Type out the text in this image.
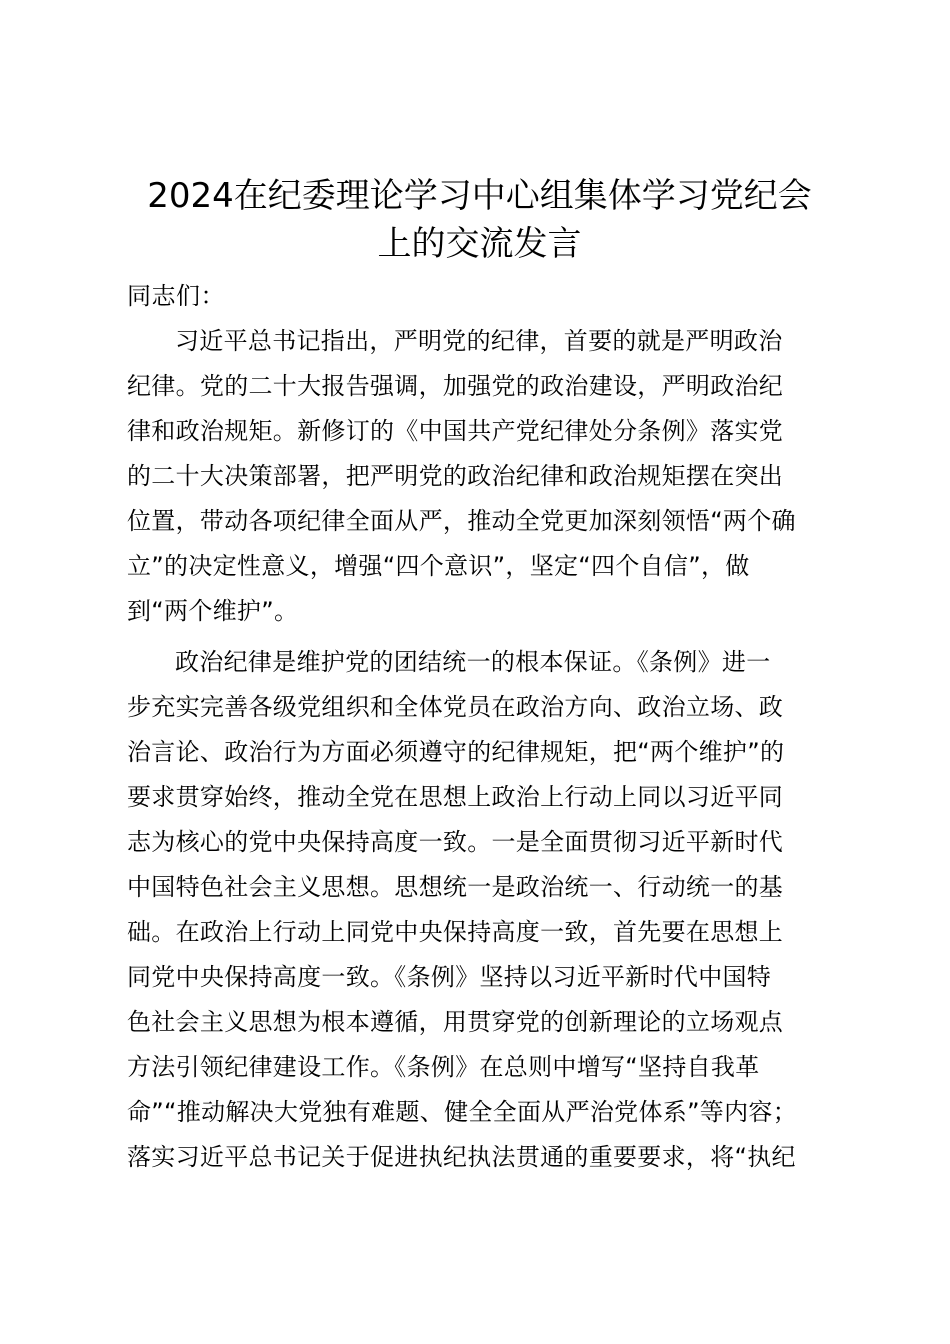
2024在纪委理论学习中心组集体学习党纪会
上的交流发言
同志们：
习近平总书记指出，严明党的纪律，首要的就是严明政治
纪律。党的二十大报告强调，加强党的政治建设，严明政治纪
律和政治规矩。新修订的《中国共产党纪律处分条例》落实党
的二十大决策部署，把严明党的政治纪律和政治规矩摆在突出
位置，带动各项纪律全面从严，推动全党更加深刻领悟“两个确
立”的决定性意义，增强“四个意识”，坚定“四个自信”，做
到“两个维护”。
政治纪律是维护党的团结统一的根本保证。《条例》进一
步充实完善各级党组织和全体党员在政治方向、政治立场、政
治言论、政治行为方面必须遵守的纪律规矩，把“两个维护”的
要求贯穿始终，推动全党在思想上政治上行动上同以习近平同
志为核心的党中央保持高度一致。一是全面贯彻习近平新时代
中国特色社会主义思想。思想统一是政治统一、行动统一的基
础。在政治上行动上同党中央保持高度一致，首先要在思想上
同党中央保持高度一致。《条例》坚持以习近平新时代中国特
色社会主义思想为根本遵循，用贯穿党的创新理论的立场观点
方法引领纪律建设工作。《条例》在总则中增写“坚持自我革
命”“推动解决大党独有难题、健全全面从严治党体系”等内容；
落实习近平总书记关于促进执纪执法贯通的重要要求，将“执纪
